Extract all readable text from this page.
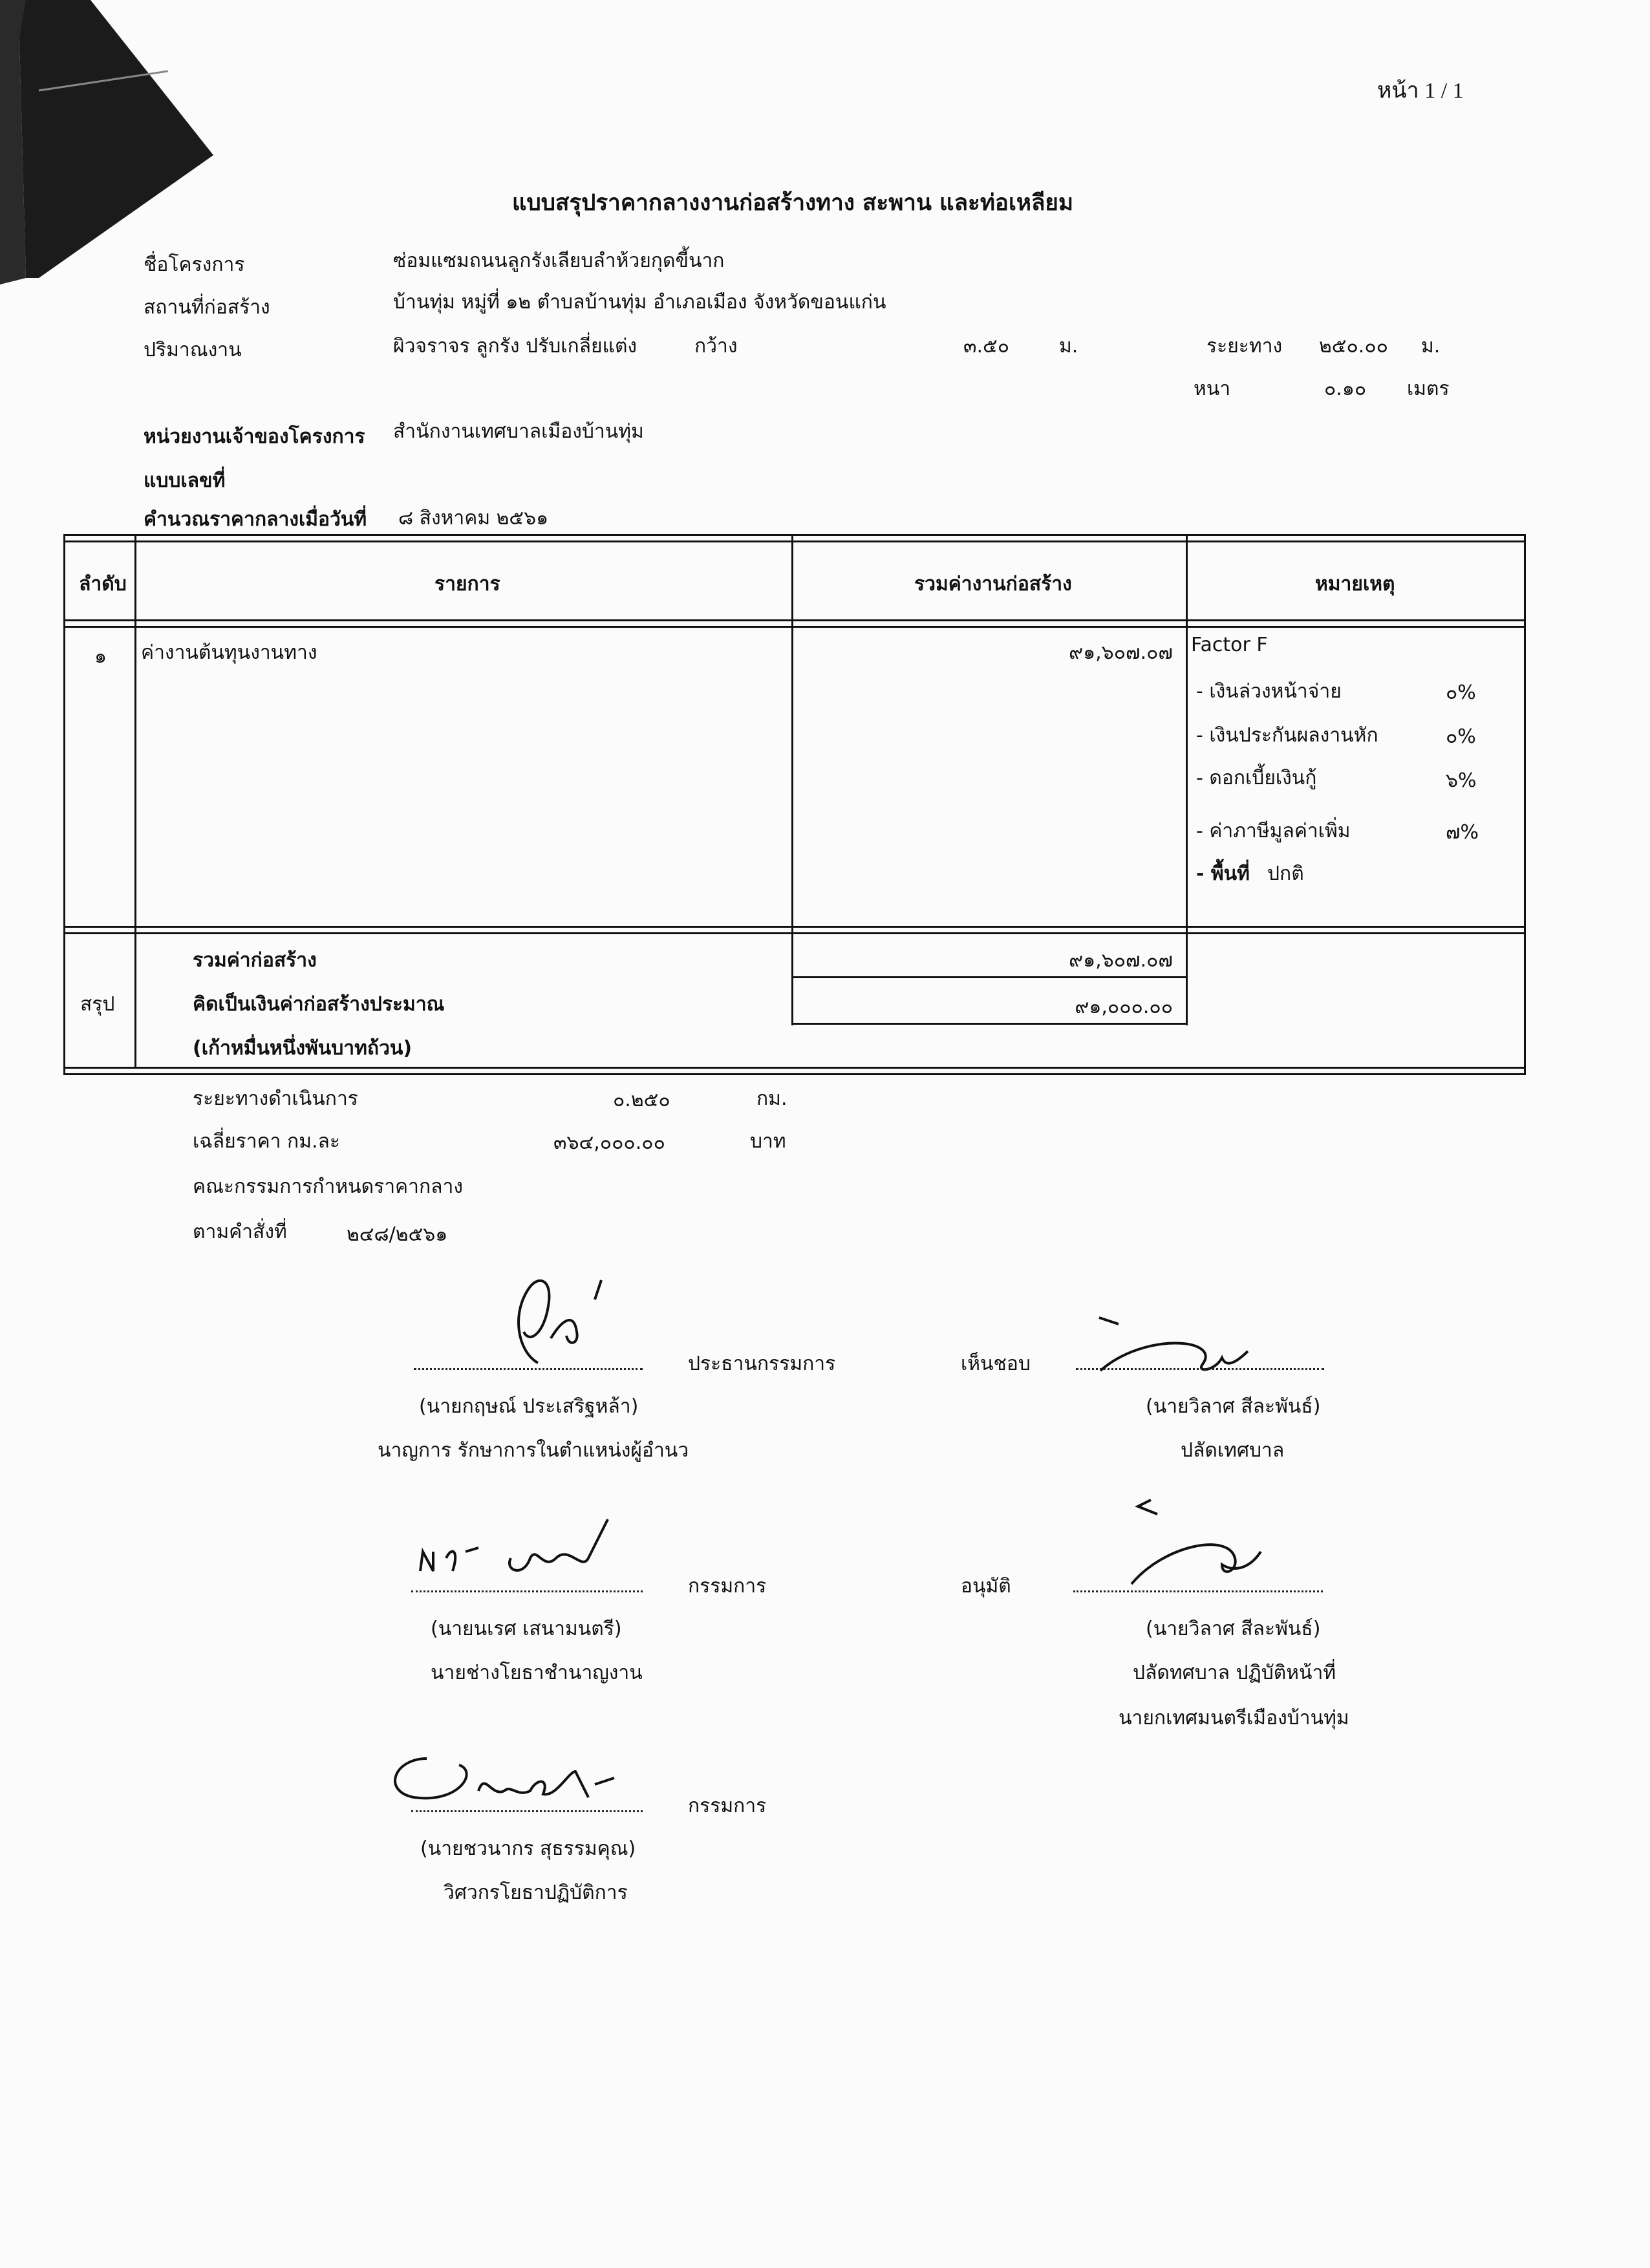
หน้า 1 / 1
แบบสรุปราคากลางงานก่อสร้างทาง สะพาน และท่อเหลียม
ชื่อโครงการ	ซ่อมแซมถนนลูกรังเลียบลำห้วยกุดขี้นาก
สถานที่ก่อสร้าง	บ้านทุ่ม หมู่ที่ ๑๒ ตำบลบ้านทุ่ม อำเภอเมือง จังหวัดขอนแก่น
ปริมาณงาน	ผิวจราจร ลูกรัง ปรับเกลี่ยแต่ง	กว้าง	๓.๕๐	ม.	ระยะทาง ๒๕๐.๐๐ ม.
หนา	๐.๑๐ เมตร
หน่วยงานเจ้าของโครงการ สำนักงานเทศบาลเมืองบ้านทุ่ม
แบบเลขที่
คำนวณราคากลางเมื่อวันที่ ๘ สิงหาคม ๒๕๖๑
ลำดับ	รายการ	รวมค่างานก่อสร้าง	หมายเหตุ
๑ ค่างานต้นทุนงานทาง	๙๑,๖๐๗.๐๗ Factor F
- เงินล่วงหน้าจ่าย	๐%
- เงินประกันผลงานหัก	๐%
- ดอกเบี้ยเงินกู้	๖%
- ค่าภาษีมูลค่าเพิ่ม	๗%
- พื้นที่ ปกติ
สรุป
รวมค่าก่อสร้าง	๙๑,๖๐๗.๐๗
คิดเป็นเงินค่าก่อสร้างประมาณ	๙๑,๐๐๐.๐๐
(เก้าหมื่นหนึ่งพันบาทถ้วน)
ระยะทางดำเนินการ	๐.๒๕๐	กม.
เฉลี่ยราคา กม.ละ	๓๖๔,๐๐๐.๐๐	บาท
คณะกรรมการกำหนดราคากลาง
ตามคำสั่งที่	๒๔๘/๒๕๖๑
ประธานกรรมการ
(นายกฤษณ์ ประเสริฐหล้า)
นาญการ รักษาการในตำแหน่งผู้อำนว
เห็นชอบ
(นายวิลาศ สีละพันธ์)
ปลัดเทศบาล
กรรมการ
(นายนเรศ เสนามนตรี)
นายช่างโยธาชำนาญงาน
อนุมัติ
(นายวิลาศ สีละพันธ์)
ปลัดทศบาล ปฏิบัติหน้าที่
นายกเทศมนตรีเมืองบ้านทุ่ม
กรรมการ
(นายชวนากร สุธรรมคุณ)
วิศวกรโยธาปฏิบัติการ
